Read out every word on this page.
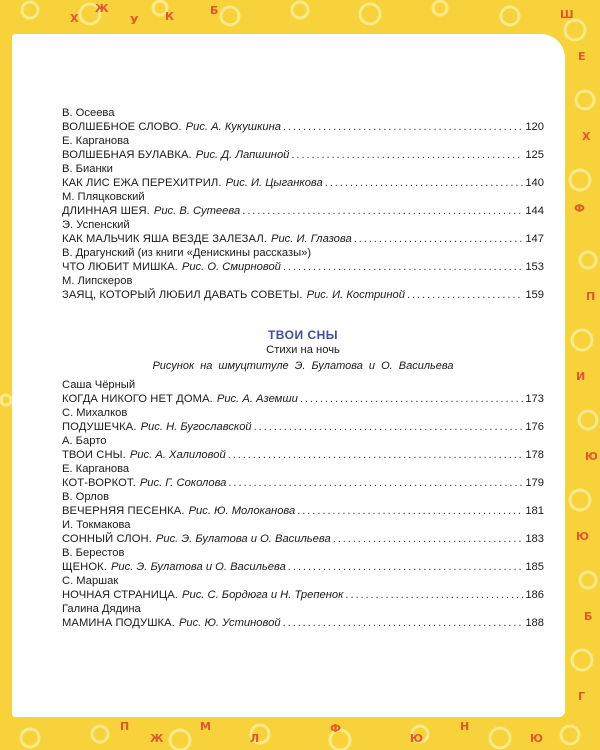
X
Ж
У К	Б	Ш
Е
Х
Ф
П
И
Ю
Ю
Б
Г
П
Ж
М
Л
Ф	Н
Ю
Ю
В. Осеева
ВОЛШЕБНОЕ СЛОВО. Рис. А. Кукушкина . . .	120
Е. Карганова
ВОЛШЕБНАЯ БУЛАВКА. Рис. Д. Лапшиной . . .	125
В. Бианки
КАК ЛИС ЕЖА ПЕРЕХИТРИЛ. Рис. И. Цыганкова . . .	140
М. Пляцковский
ДЛИННАЯ ШЕЯ. Рис. В. Сутеева . . .	144
Э. Успенский
КАК МАЛЬЧИК ЯША ВЕЗДЕ ЗАЛЕЗАЛ. Рис. И. Глазова . . .	147
В. Драгунский (из книги «Денискины рассказы»)
ЧТО ЛЮБИТ МИШКА. Рис. О. Смирновой . . .	153
М. Липскеров
ЗАЯЦ, КОТОРЫЙ ЛЮБИЛ ДАВАТЬ СОВЕТЫ. Рис. И. Костриной . . .	159
ТВОИ СНЫ
Стихи на ночь
Рисунок на шмуцтитуле Э. Булатова и О. Васильева
Саша Чёрный
КОГДА НИКОГО НЕТ ДОМА. Рис. А. Аземши . . .	173
С. Михалков
ПОДУШЕЧКА. Рис. Н. Бугославской . . .	176
А. Барто
ТВОИ СНЫ. Рис. А. Халиловой . . .	178
Е. Карганова
КОТ-ВОРКОТ. Рис. Г. Соколова . . .	179
В. Орлов
ВЕЧЕРНЯЯ ПЕСЕНКА. Рис. Ю. Молоканова . . .	181
И. Токмакова
СОННЫЙ СЛОН. Рис. Э. Булатова и О. Васильева . . .	183
В. Берестов
ЩЕНОК. Рис. Э. Булатова и О. Васильева . . .	185
С. Маршак
НОЧНАЯ СТРАНИЦА. Рис. С. Бордюга и Н. Трепенок . . .	186
Галина Дядина
МАМИНА ПОДУШКА. Рис. Ю. Устиновой . . .	188
